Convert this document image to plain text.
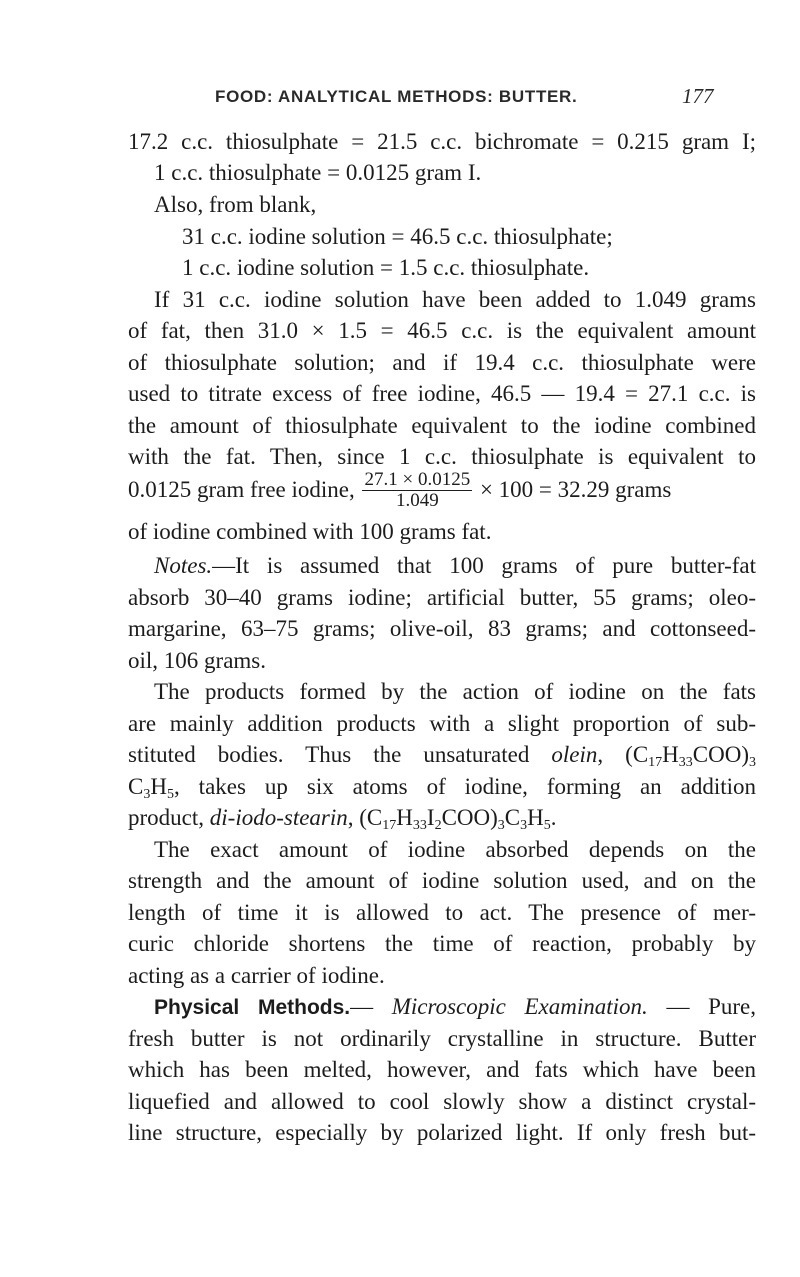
FOOD: ANALYTICAL METHODS: BUTTER.	177
17.2 c.c. thiosulphate = 21.5 c.c. bichromate = 0.215 gram I;
1 c.c. thiosulphate = 0.0125 gram I.
Also, from blank,
31 c.c. iodine solution = 46.5 c.c. thiosulphate;
1 c.c. iodine solution = 1.5 c.c. thiosulphate.
If 31 c.c. iodine solution have been added to 1.049 grams
of fat, then 31.0 × 1.5 = 46.5 c.c. is the equivalent amount
of thiosulphate solution; and if 19.4 c.c. thiosulphate were
used to titrate excess of free iodine, 46.5 — 19.4 = 27.1 c.c. is
the amount of thiosulphate equivalent to the iodine combined
with the fat. Then, since 1 c.c. thiosulphate is equivalent to
0.0125 gram free iodine, $\frac{27.1 \times 0.0125}{1.049} \times 100 = 32.29$ grams
of iodine combined with 100 grams fat.
Notes.—It is assumed that 100 grams of pure butter-fat
absorb 30–40 grams iodine; artificial butter, 55 grams; oleo-
margarine, 63–75 grams; olive-oil, 83 grams; and cottonseed-
oil, 106 grams.
The products formed by the action of iodine on the fats
are mainly addition products with a slight proportion of sub-
stituted bodies. Thus the unsaturated olein, $(C_{17}H_{33}COO)_3$
$C_3H_5$, takes up six atoms of iodine, forming an addition
product, di-iodo-stearin, $(C_{17}H_{33}I_2COO)_3C_3H_5$.
The exact amount of iodine absorbed depends on the
strength and the amount of iodine solution used, and on the
length of time it is allowed to act. The presence of mer-
curic chloride shortens the time of reaction, probably by
acting as a carrier of iodine.
Physical Methods.— Microscopic Examination. — Pure,
fresh butter is not ordinarily crystalline in structure. Butter
which has been melted, however, and fats which have been
liquefied and allowed to cool slowly show a distinct crystal-
line structure, especially by polarized light. If only fresh but-
